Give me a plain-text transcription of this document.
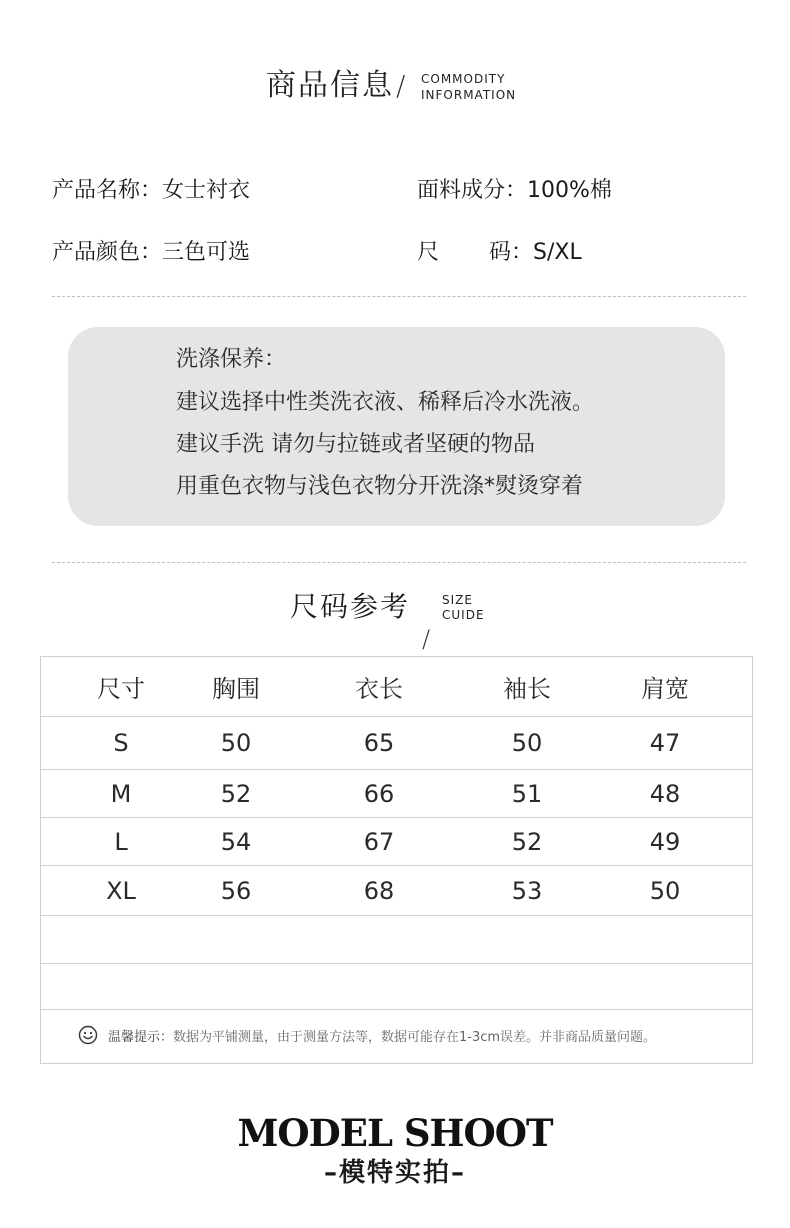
商品信息 / COMMODITY
INFORMATION
产品名称：女士衬衣	面料成分：100%棉
产品颜色：三色可选	尺 码：S/XL
洗涤保养：
建议选择中性类洗衣液、稀释后冷水洗液。
建议手洗 请勿与拉链或者坚硬的物品
用重色衣物与浅色衣物分开洗涤*熨烫穿着
尺码参考	SIZE
CUIDE
/
尺寸	胸围	衣长	袖长	肩宽
S	50	65	50	47
M	52	66	51	48
L	54	67	52	49
XL	56	68	53	50
温馨提示： 数据为平铺测量，由于测量方法等，数据可能存在1-3cm误差。并非商品质量问题。
MODEL SHOOT
–模特实拍–
